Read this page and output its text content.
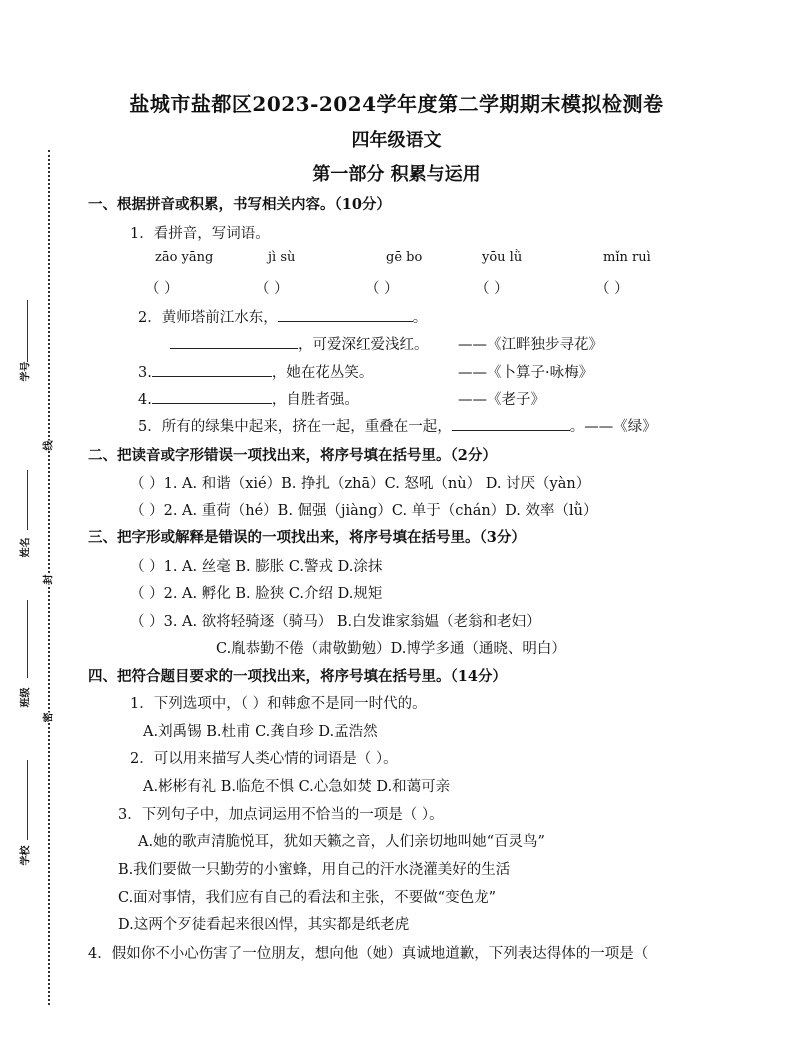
学号
姓名
班级
学校
线
封
密
盐城市盐都区2023-2024学年度第二学期期末模拟检测卷
四年级语文
第一部分 积累与运用
一、根据拼音或积累，书写相关内容。（10分）
1．看拼音，写词语。
zāo yāng	jì sù	gē bo	yōu lǜ	mǐn ruì
（ ）	（ ）	（ ）	（ ）	（ ）
2．黄师塔前江水东，	。
，可爱深红爱浅红。 ——《江畔独步寻花》
3.	，她在花丛笑。	——《卜算子·咏梅》
4.	，自胜者强。	——《老子》
5．所有的绿集中起来，挤在一起，重叠在一起，	。——《绿》
二、把读音或字形错误一项找出来，将序号填在括号里。（2分）
（ ）1. A. 和谐（xié）B. 挣扎（zhā）C. 怒吼（nù） D. 讨厌（yàn）
（ ）2. A. 重荷（hé）B. 倔强（jiàng）C. 单于（chán）D. 效率（lǜ）
三、把字形或解释是错误的一项找出来，将序号填在括号里。（3分）
（ ）1. A. 丝毫 B. 膨胀 C.警戎 D.涂抹
（ ）2. A. 孵化 B. 脸狭 C.介绍 D.规矩
（ ）3. A. 欲将轻骑逐（骑马） B.白发谁家翁媪（老翁和老妇）
C.胤恭勤不倦（肃敬勤勉）D.博学多通（通晓、明白）
四、把符合题目要求的一项找出来，将序号填在括号里。（14分）
1．下列选项中，（ ）和韩愈不是同一时代的。
A.刘禹锡 B.杜甫 C.龚自珍 D.孟浩然
2．可以用来描写人类心情的词语是（ ）。
A.彬彬有礼 B.临危不惧 C.心急如焚 D.和蔼可亲
3．下列句子中，加点词运用不恰当的一项是（ ）。
A.她的歌声清脆悦耳，犹如天籁之音，人们亲切地叫她“百灵鸟”
B.我们要做一只勤劳的小蜜蜂，用自己的汗水浇灌美好的生活
C.面对事情，我们应有自己的看法和主张，不要做“变色龙”
D.这两个歹徒看起来很凶悍，其实都是纸老虎
4．假如你不小心伤害了一位朋友，想向他（她）真诚地道歉，下列表达得体的一项是（
